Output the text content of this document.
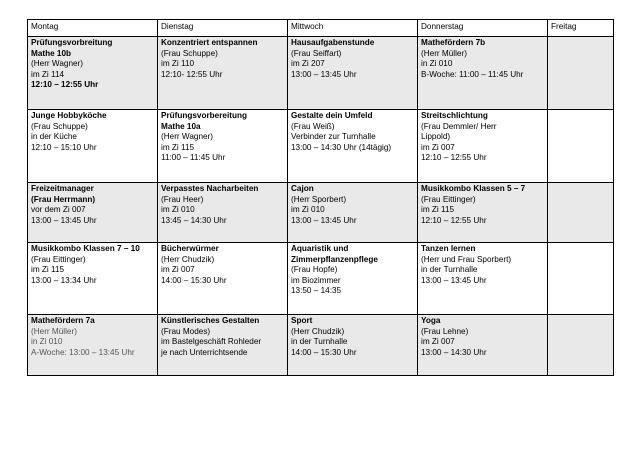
Montag	Dienstag	Mittwoch	Donnerstag	Freitag

Prüfungsvorbreitung
Mathe 10b
(Herr Wagner)
im Zi 114
12:10 – 12:55 Uhr	Konzentriert entspannen
(Frau Schuppe)
im Zi 110
12:10- 12:55 Uhr	Hausaufgabenstunde
(Frau Seiffart)
im Zi 207
13:00 – 13:45 Uhr	Mathefördern 7b
(Herr Müller)
in Zi 010
B-Woche: 11:00 – 11:45 Uhr	

Junge Hobbyköche
(Frau Schuppe)
in der Küche
12:10 – 15:10 Uhr	Prüfungsvorbereitung
Mathe 10a
(Herr Wagner)
im Zi 115
11:00 – 11:45 Uhr	Gestalte dein Umfeld
(Frau Weiß)
Verbinder zur Turnhalle
13:00 – 14:30 Uhr (14tägig)	Streitschlichtung
(Frau Demmler/ Herr
Lippold)
im Zi 007
12:10 – 12:55 Uhr	

Freizeitmanager
(Frau Herrmann)
vor dem Zi 007
13:00 – 13:45 Uhr	Verpasstes Nacharbeiten
(Frau Heer)
im Zi 010
13:45 – 14:30 Uhr	Cajon
(Herr Sporbert)
im Zi 010
13:00 – 13:45 Uhr	Musikkombo Klassen 5 – 7
(Frau Eittinger)
im Zi 115
12:10 – 12:55 Uhr	

Musikkombo Klassen 7 – 10
(Frau Eittinger)
im Zi 115
13:00 – 13:34 Uhr	Bücherwürmer
(Herr Chudzik)
im Zi 007
14:00 – 15:30 Uhr	Aquaristik und
Zimmerpflanzenpflege
(Frau Hopfe)
im Biozimmer
13:50 – 14:35	Tanzen lernen
(Herr und Frau Sporbert)
in der Turnhalle
13:00 – 13:45 Uhr	

Mathefördern 7a
(Herr Müller)
in Zi 010
A-Woche: 13:00 – 13:45 Uhr	Künstlerisches Gestalten
(Frau Modes)
im Bastelgeschäft Rohleder
je nach Unterrichtsende	Sport
(Herr Chudzik)
in der Turnhalle
14:00 – 15:30 Uhr	Yoga
(Frau Lehne)
im Zi 007
13:00 – 14:30 Uhr	
